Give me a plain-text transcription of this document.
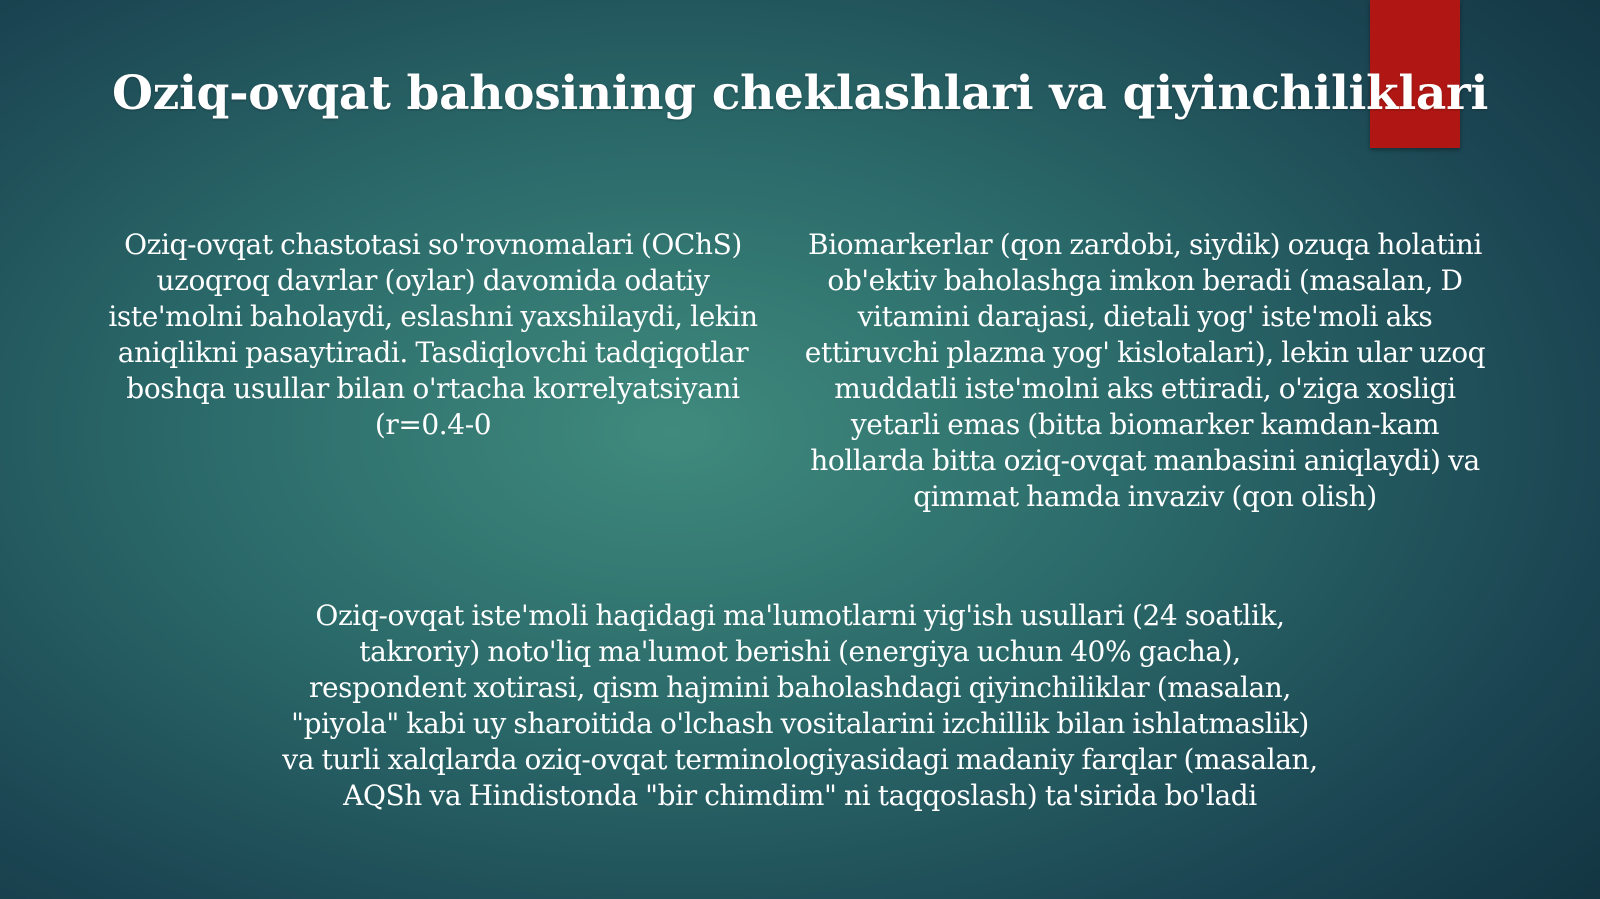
Oziq-ovqat bahosining cheklashlari va qiyinchiliklari

Oziq-ovqat chastotasi so'rovnomalari (OChS) uzoqroq davrlar (oylar) davomida odatiy iste'molni baholaydi, eslashni yaxshilaydi, lekin aniqlikni pasaytiradi. Tasdiqlovchi tadqiqotlar boshqa usullar bilan o'rtacha korrelyatsiyani (r=0.4-0

Biomarkerlar (qon zardobi, siydik) ozuqa holatini ob'ektiv baholashga imkon beradi (masalan, D vitamini darajasi, dietali yog' iste'moli aks ettiruvchi plazma yog' kislotalari), lekin ular uzoq muddatli iste'molni aks ettiradi, o'ziga xosligi yetarli emas (bitta biomarker kamdan-kam hollarda bitta oziq-ovqat manbasini aniqlaydi) va qimmat hamda invaziv (qon olish)

Oziq-ovqat iste'moli haqidagi ma'lumotlarni yig'ish usullari (24 soatlik, takroriy) noto'liq ma'lumot berishi (energiya uchun 40% gacha), respondent xotirasi, qism hajmini baholashdagi qiyinchiliklar (masalan, "piyola" kabi uy sharoitida o'lchash vositalarini izchillik bilan ishlatmaslik) va turli xalqlarda oziq-ovqat terminologiyasidagi madaniy farqlar (masalan, AQSh va Hindistonda "bir chimdim" ni taqqoslash) ta'sirida bo'ladi
